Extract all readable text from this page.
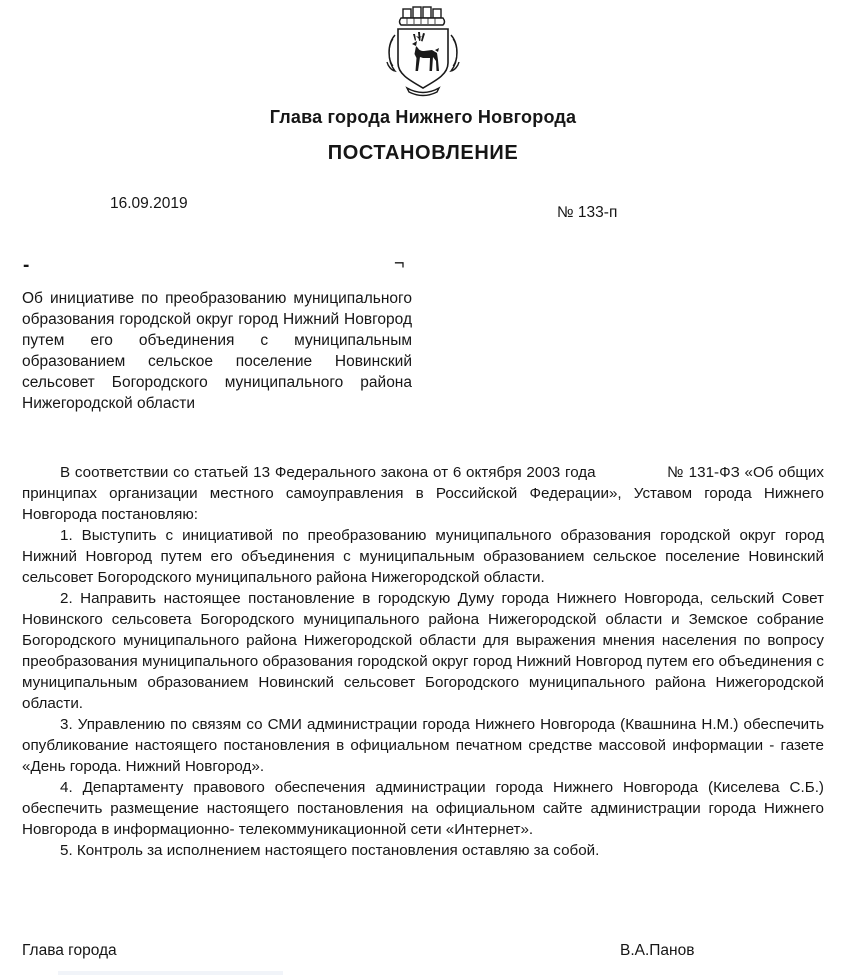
Глава города Нижнего Новгорода
ПОСТАНОВЛЕНИЕ
16.09.2019
№ 133-п
-	¬
Об инициативе по преобразованию муниципального образования городской округ город Нижний Новгород путем его объединения с муниципальным образованием сельское поселение Новинский сельсовет Богородского муниципального района Нижегородской области

В соответствии со статьей 13 Федерального закона от 6 октября 2003 года               № 131-ФЗ «Об общих принципах организации местного самоуправления в Российской Федерации», Уставом города Нижнего Новгорода постановляю:

1. Выступить с инициативой по преобразованию муниципального образования городской округ город Нижний Новгород путем его объединения с муниципальным образованием сельское поселение Новинский сельсовет Богородского муниципального района Нижегородской области.

2. Направить настоящее постановление в городскую Думу города Нижнего Новгорода, сельский Совет Новинского сельсовета Богородского муниципального района Нижегородской области и Земское собрание Богородского муниципального района Нижегородской области для выражения мнения населения по вопросу преобразования муниципального образования городской округ город Нижний Новгород путем его объединения с муниципальным образованием Новинский сельсовет Богородского муниципального района Нижегородской области.

3. Управлению по связям со СМИ администрации города Нижнего Новгорода (Квашнина Н.М.) обеспечить опубликование настоящего постановления в официальном печатном средстве массовой информации - газете «День города. Нижний Новгород».

4. Департаменту правового обеспечения администрации города Нижнего Новгорода (Киселева С.Б.) обеспечить размещение настоящего постановления на официальном сайте администрации города Нижнего Новгорода в информационно- телекоммуникационной сети «Интернет».

5. Контроль за исполнением настоящего постановления оставляю за собой.

Глава города	В.А.Панов
